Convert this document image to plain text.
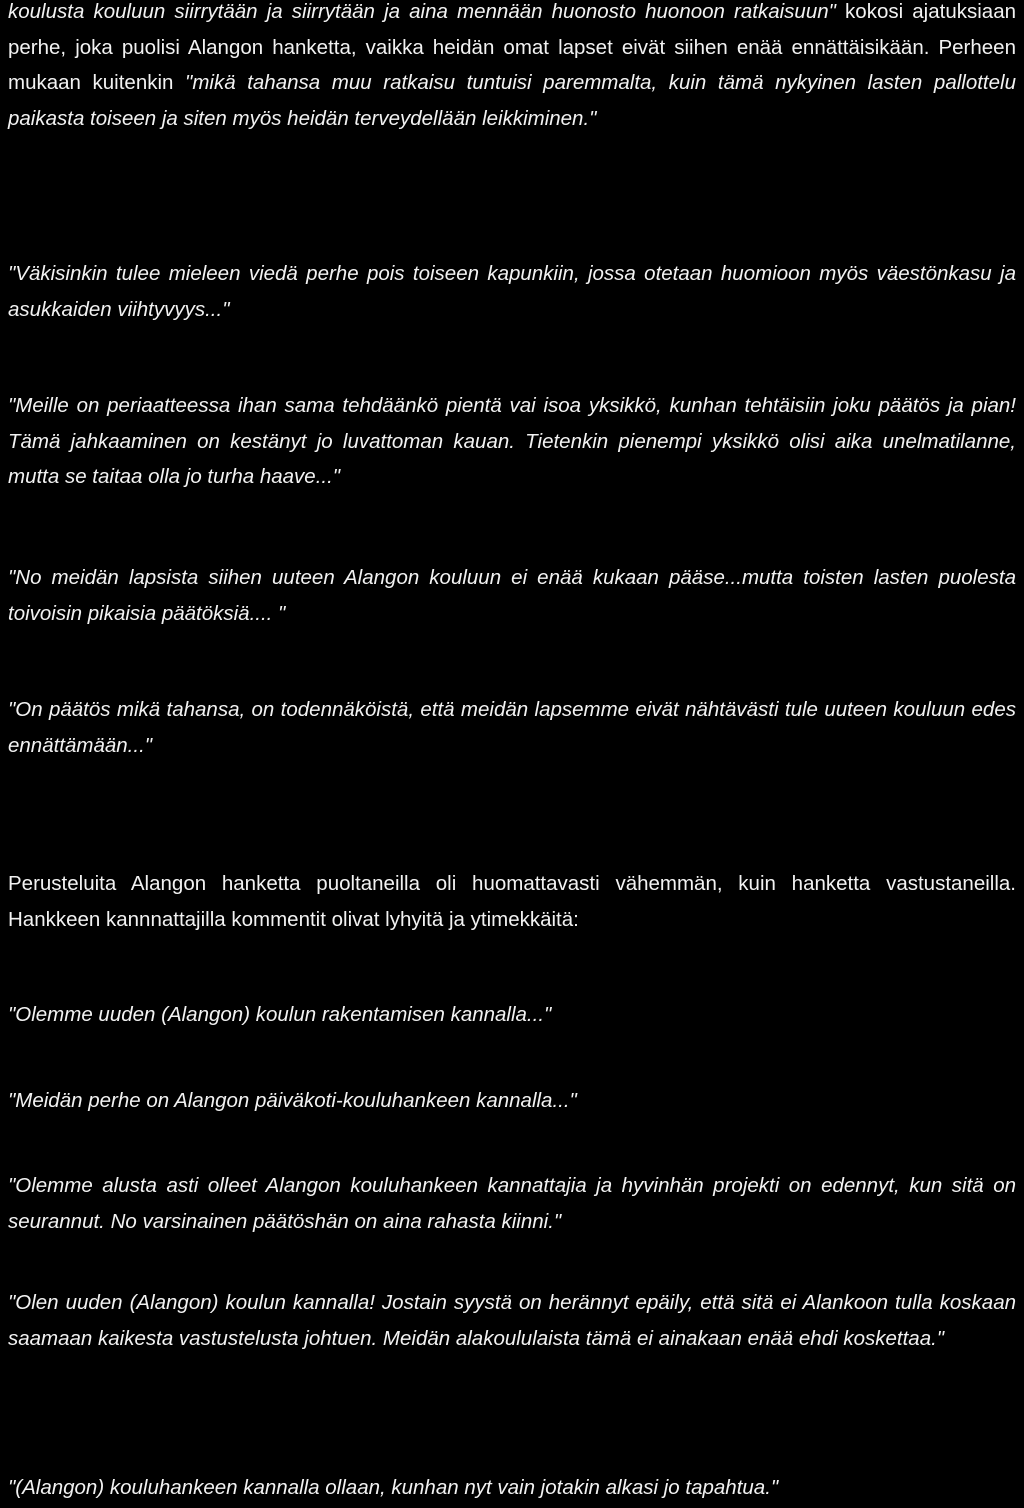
koulusta kouluun siirrytään ja siirrytään ja aina mennään huonosto huonoon ratkaisuun" kokosi ajatuksiaan perhe, joka puolisi Alangon hanketta, vaikka heidän omat lapset eivät siihen enää ennättäisikään. Perheen mukaan kuitenkin "mikä tahansa muu ratkaisu tuntuisi paremmalta, kuin tämä nykyinen lasten pallottelu paikasta toiseen ja siten myös heidän terveydellään leikkiminen."

"Väkisinkin tulee mieleen viedä perhe pois toiseen kapunkiin, jossa otetaan huomioon myös väestönkasu ja asukkaiden viihtyvyys..."

"Meille on periaatteessa ihan sama tehdäänkö pientä vai isoa yksikkö, kunhan tehtäisiin joku päätös ja pian! Tämä jahkaaminen on kestänyt jo luvattoman kauan. Tietenkin pienempi yksikkö olisi aika unelmatilanne, mutta se taitaa olla jo turha haave..."

"No meidän lapsista siihen uuteen Alangon kouluun ei enää kukaan pääse...mutta toisten lasten puolesta toivoisin pikaisia päätöksiä.... "

"On päätös mikä tahansa, on todennäköistä, että meidän lapsemme eivät nähtävästi tule uuteen kouluun edes ennättämään..."

Perusteluita Alangon hanketta puoltaneilla oli huomattavasti vähemmän, kuin hanketta vastustaneilla. Hankkeen kannnattajilla kommentit olivat lyhyitä ja ytimekkäitä:

"Olemme uuden (Alangon) koulun rakentamisen kannalla..."

"Meidän perhe on Alangon päiväkoti-kouluhankeen kannalla..."

"Olemme alusta asti olleet Alangon kouluhankeen kannattajia ja hyvinhän projekti on edennyt, kun sitä on seurannut. No varsinainen päätöshän on aina rahasta kiinni."

"Olen uuden (Alangon) koulun kannalla! Jostain syystä on herännyt epäily, että sitä ei Alankoon tulla koskaan saamaan kaikesta vastustelusta johtuen. Meidän alakoululaista tämä ei ainakaan enää ehdi koskettaa."

"(Alangon) kouluhankeen kannalla ollaan, kunhan nyt vain jotakin alkasi jo tapahtua."
